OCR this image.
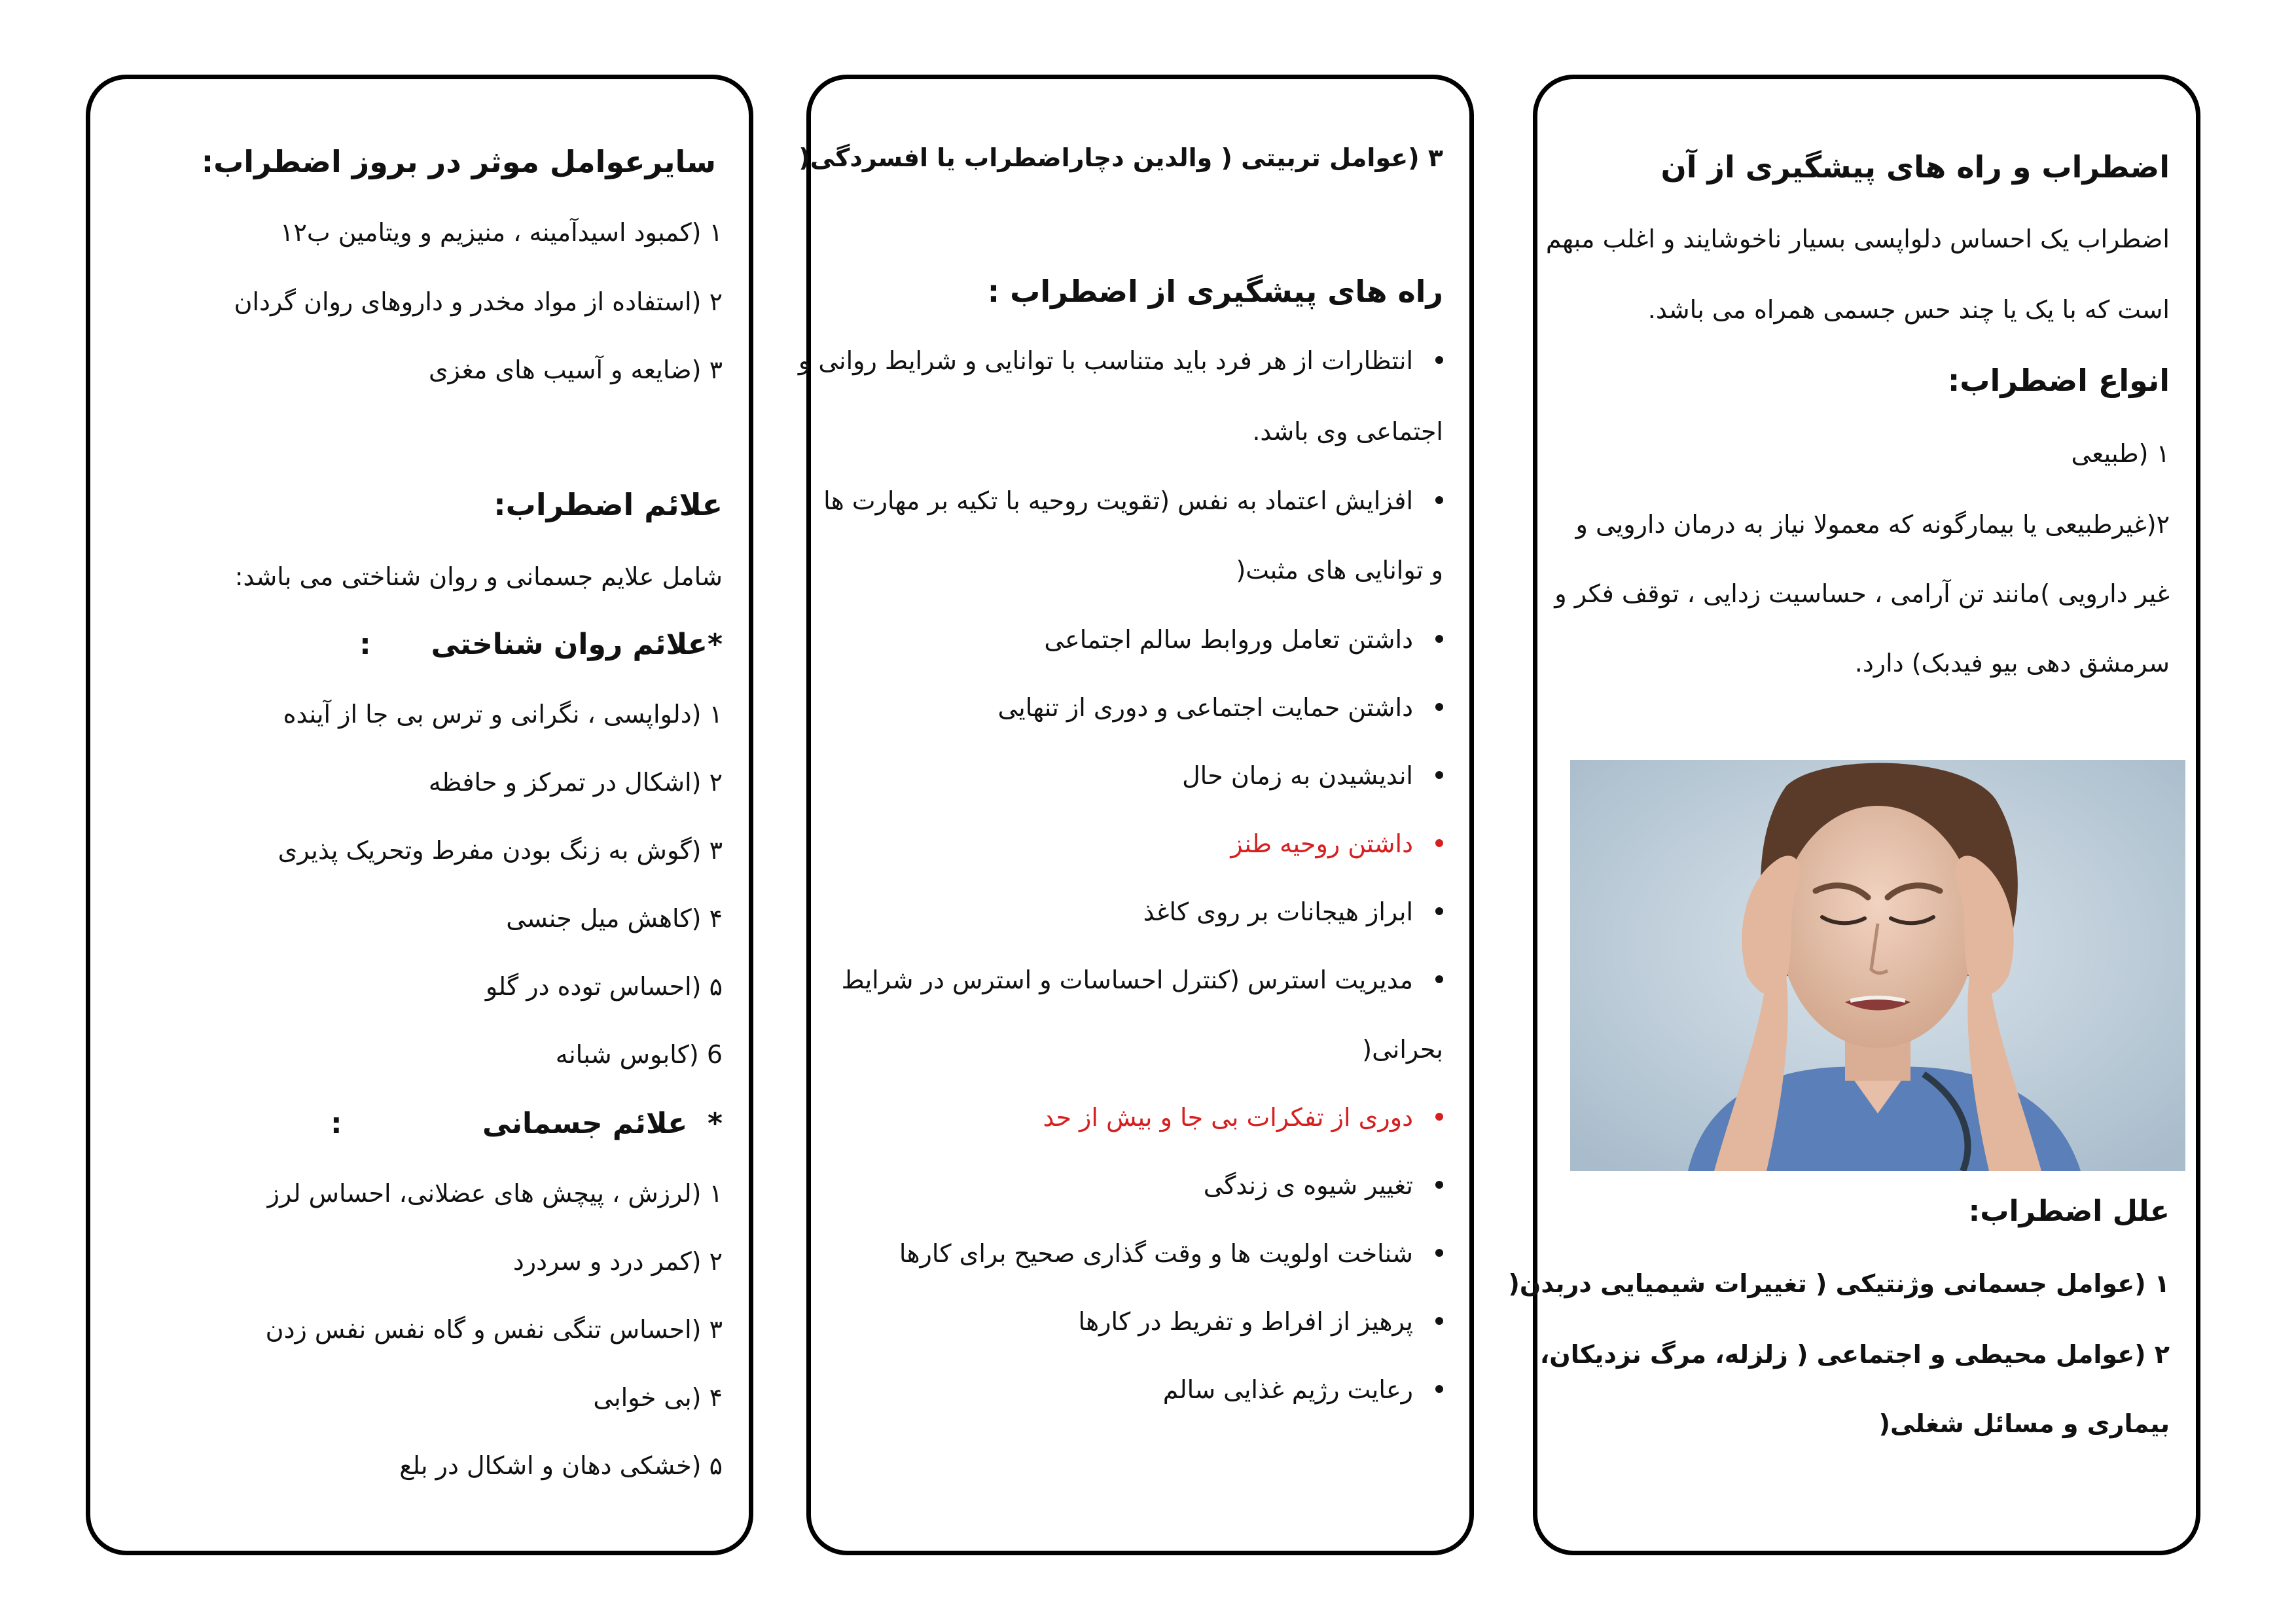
اضطراب و راه های پیشگیری از آن
اضطراب یک احساس دلواپسی بسیار ناخوشایند و اغلب مبهم
است که با یک یا چند حس جسمی همراه می باشد.
انواع اضطراب:
۱ (طبیعی
۲(غیرطبیعی یا بیمارگونه که معمولا نیاز به درمان دارویی و
غیر دارویی )مانند تن آرامی ، حساسیت زدایی ، توقف فکر و
سرمشق دهی بیو فیدبک) دارد.
علل اضطراب:
۱ (عوامل جسمانی وژنتیکی ( تغییرات شیمیایی دربدن(
۲ (عوامل محیطی و اجتماعی ( زلزله، مرگ نزدیکان،
بیماری و مسائل شغلی(
۳ (عوامل تربیتی ( والدین دچاراضطراب یا افسردگی(
راه های پیشگیری از اضطراب :
انتظارات از هر فرد باید متناسب با توانایی و شرایط روانی و
اجتماعی وی باشد.
افزایش اعتماد به نفس (تقویت روحیه با تکیه بر مهارت ها
و توانایی های مثبت(
داشتن تعامل وروابط سالم اجتماعی
داشتن حمایت اجتماعی و دوری از تنهایی
اندیشیدن به زمان حال
داشتن روحیه طنز
ابراز هیجانات بر روی کاغذ
مدیریت استرس (کنترل احساسات و استرس در شرایط
بحرانی(
دوری از تفکرات بی جا و بیش از حد
تغییر شیوه ی زندگی
شناخت اولویت ها و وقت گذاری صحیح برای کارها
پرهیز از افراط و تفریط در کارها
رعایت رژیم غذایی سالم
سایرعوامل موثر در بروز اضطراب:
۱ (کمبود اسیدآمینه ، منیزیم و ویتامین ب۱۲
۲ (استفاده از مواد مخدر و داروهای روان گردان
۳ (ضایعه و آسیب های مغزی
علائم اضطراب:
شامل علایم جسمانی و روان شناختی می باشد:
*علائم روان شناختی      :
۱ (دلواپسی ، نگرانی و ترس بی جا از آینده
۲ (اشکال در تمرکز و حافظه
۳ (گوش به زنگ بودن مفرط وتحریک پذیری
۴ (کاهش میل جنسی
۵ (احساس توده در گلو
6 (کابوس شبانه
*  علائم جسمانی              :
۱ (لرزش ، پیچش های عضلانی، احساس لرز
۲ (کمر درد و سردرد
۳ (احساس تنگی نفس و گاه نفس نفس زدن
۴ (بی خوابی
۵ (خشکی دهان و اشکال در بلع
